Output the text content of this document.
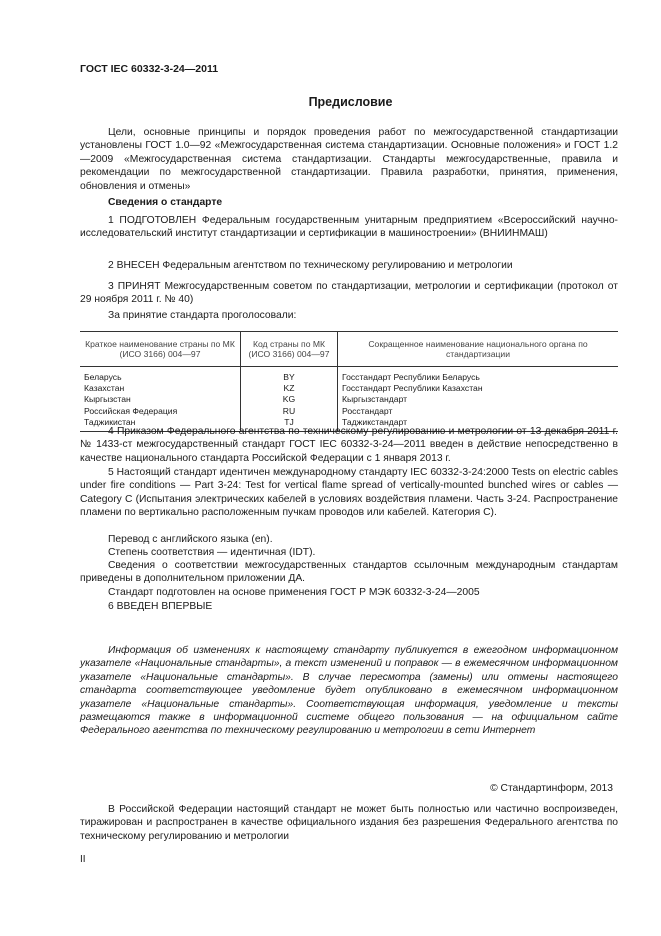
ГОСТ IEC 60332-3-24—2011
Предисловие

Цели, основные принципы и порядок проведения работ по межгосударственной стандартизации установлены ГОСТ 1.0—92 «Межгосударственная система стандартизации. Основные положения» и ГОСТ 1.2—2009 «Межгосударственная система стандартизации. Стандарты межгосударственные, правила и рекомендации по межгосударственной стандартизации. Правила разработки, принятия, применения, обновления и отмены»

Сведения о стандарте

1 ПОДГОТОВЛЕН Федеральным государственным унитарным предприятием «Всероссийский научно-исследовательский институт стандартизации и сертификации в машиностроении» (ВНИИНМАШ)

2 ВНЕСЕН Федеральным агентством по техническому регулированию и метрологии

3 ПРИНЯТ Межгосударственным советом по стандартизации, метрологии и сертификации (протокол от 29 ноября 2011 г. № 40)

За принятие стандарта проголосовали:

Краткое наименование страны по МК (ИСО 3166) 004—97	Код страны по МК (ИСО 3166) 004—97	Сокращенное наименование национального органа по стандартизации
Беларусь	BY	Госстандарт Республики Беларусь
Казахстан	KZ	Госстандарт Республики Казахстан
Кыргызстан	KG	Кыргызстандарт
Российская Федерация	RU	Росстандарт
Таджикистан	TJ	Таджикстандарт

4 Приказом Федерального агентства по техническому регулированию и метрологии от 13 декабря 2011 г. № 1433-ст межгосударственный стандарт ГОСТ IEC 60332-3-24—2011 введен в действие непосредственно в качестве национального стандарта Российской Федерации с 1 января 2013 г.

5 Настоящий стандарт идентичен международному стандарту IEC 60332-3-24:2000 Tests on electric cables under fire conditions — Part 3-24: Test for vertical flame spread of vertically-mounted bunched wires or cables — Category C (Испытания электрических кабелей в условиях воздействия пламени. Часть 3-24. Распространение пламени по вертикально расположенным пучкам проводов или кабелей. Категория С).

Перевод с английского языка (en).

Степень соответствия — идентичная (IDT).

Сведения о соответствии межгосударственных стандартов ссылочным международным стандартам приведены в дополнительном приложении ДА.

Стандарт подготовлен на основе применения ГОСТ Р МЭК 60332-3-24—2005

6 ВВЕДЕН ВПЕРВЫЕ

Информация об изменениях к настоящему стандарту публикуется в ежегодном информационном указателе «Национальные стандарты», а текст изменений и поправок — в ежемесячном информационном указателе «Национальные стандарты». В случае пересмотра (замены) или отмены настоящего стандарта соответствующее уведомление будет опубликовано в ежемесячном информационном указателе «Национальные стандарты». Соответствующая информация, уведомление и тексты размещаются также в информационной системе общего пользования — на официальном сайте Федерального агентства по техническому регулированию и метрологии в сети Интернет

© Стандартинформ, 2013

В Российской Федерации настоящий стандарт не может быть полностью или частично воспроизведен, тиражирован и распространен в качестве официального издания без разрешения Федерального агентства по техническому регулированию и метрологии

II
